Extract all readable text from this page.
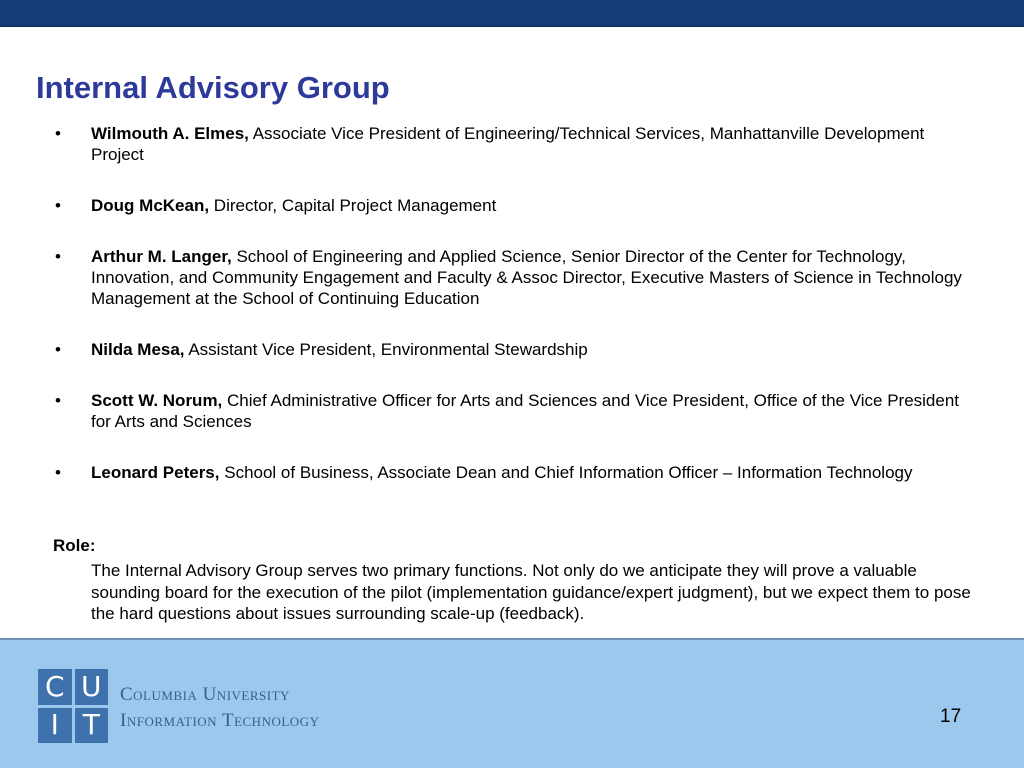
Internal Advisory Group
• Wilmouth A. Elmes, Associate Vice President of Engineering/Technical Services, Manhattanville Development Project
• Doug McKean, Director, Capital Project Management
• Arthur M. Langer, School of Engineering and Applied Science, Senior Director of the Center for Technology, Innovation, and Community Engagement and Faculty & Assoc Director, Executive Masters of Science in Technology Management at the School of Continuing Education
• Nilda Mesa, Assistant Vice President, Environmental Stewardship
• Scott W. Norum, Chief Administrative Officer for Arts and Sciences and Vice President, Office of the Vice President for Arts and Sciences
• Leonard Peters, School of Business, Associate Dean and Chief Information Officer – Information Technology
Role:
The Internal Advisory Group serves two primary functions. Not only do we anticipate they will prove a valuable sounding board for the execution of the pilot (implementation guidance/expert judgment), but we expect them to pose the hard questions about issues surrounding scale-up (feedback).
C U
I T
Columbia University
Information Technology	17
